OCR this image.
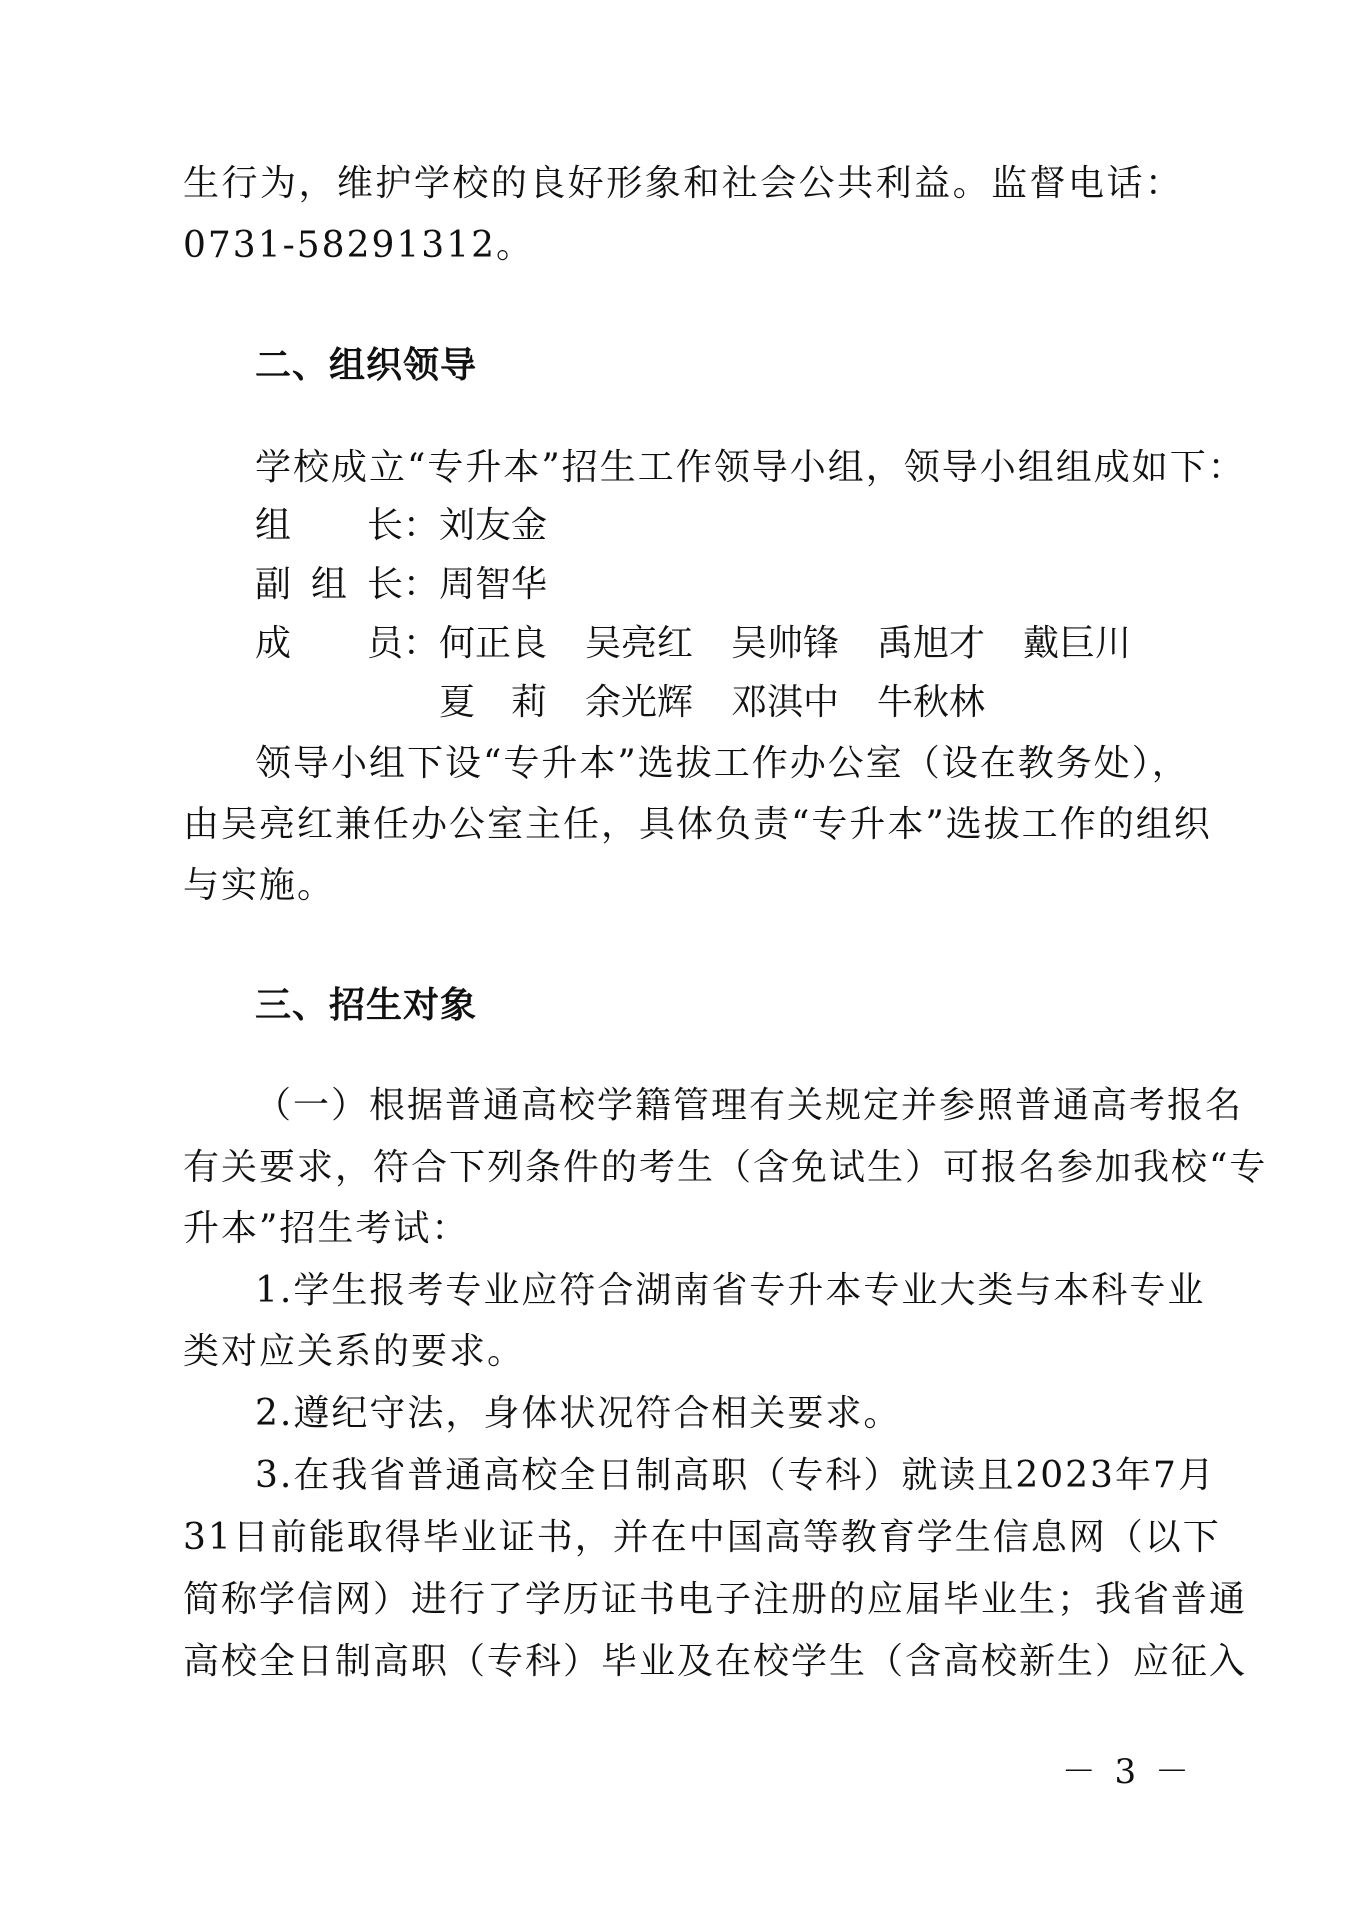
生行为，维护学校的良好形象和社会公共利益。监督电话：
0731-58291312。
二、组织领导
学校成立“专升本”招生工作领导小组，领导小组组成如下：
组长 ： 刘友金
副组长 ： 周智华
成员 ： 何正良 吴亮红 吴帅锋 禹旭才 戴巨川
夏莉 余光辉 邓淇中 牛秋林
领导小组下设“专升本”选拔工作办公室（设在教务处），
由吴亮红兼任办公室主任，具体负责“专升本”选拔工作的组织
与实施。
三、招生对象
（一）根据普通高校学籍管理有关规定并参照普通高考报名
有关要求，符合下列条件的考生（含免试生）可报名参加我校“专
升本”招生考试：
1.学生报考专业应符合湖南省专升本专业大类与本科专业
类对应关系的要求。
2.遵纪守法，身体状况符合相关要求。
3.在我省普通高校全日制高职（专科）就读且2023年7月
31日前能取得毕业证书，并在中国高等教育学生信息网（以下
简称学信网）进行了学历证书电子注册的应届毕业生；我省普通
高校全日制高职（专科）毕业及在校学生（含高校新生）应征入
－ 3 －
